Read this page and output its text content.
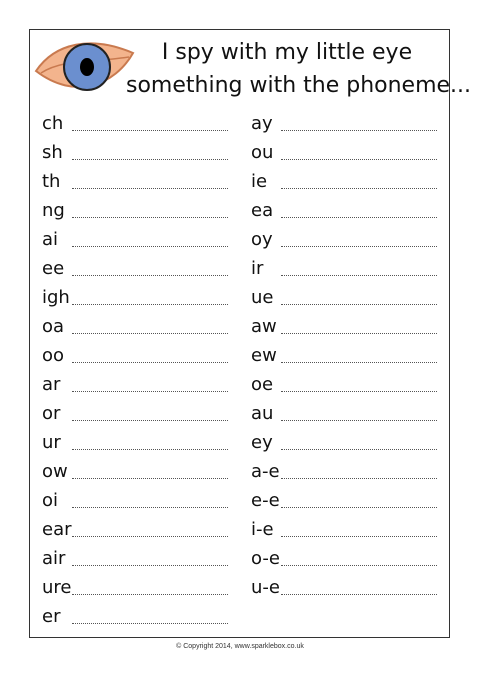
I spy with my little eye
something with the phoneme...
ch
sh
th
ng
ai
ee
igh
oa
oo
ar
or
ur
ow
oi
ear
air
ure
er
ay
ou
ie
ea
oy
ir
ue
aw
ew
oe
au
ey
a-e
e-e
i-e
o-e
u-e
© Copyright 2014, www.sparklebox.co.uk
